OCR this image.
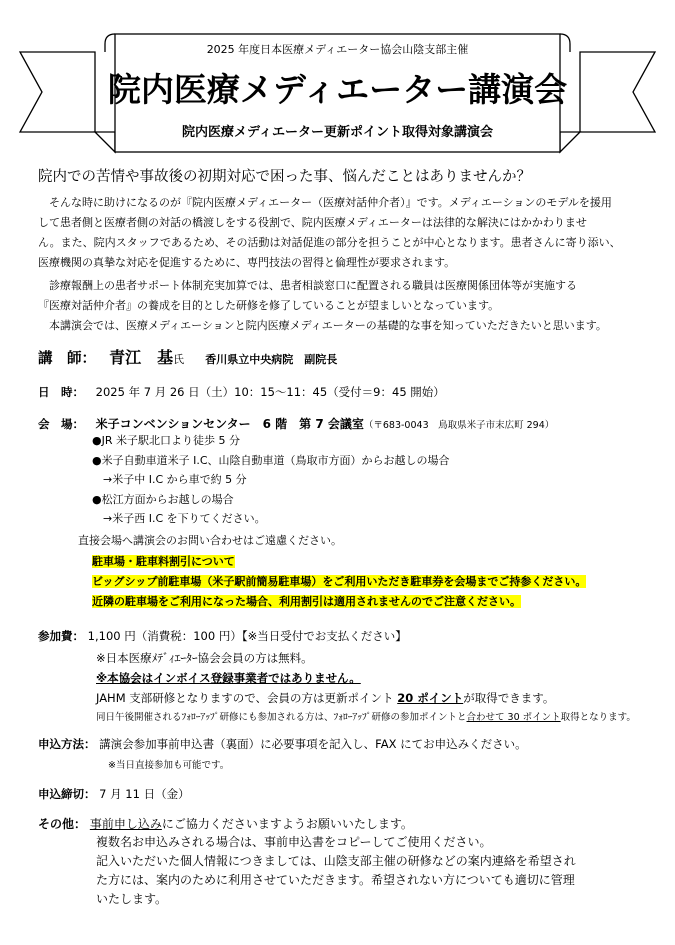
2025 年度日本医療メディエーター協会山陰支部主催
院内医療メディエーター講演会
院内医療メディエーター更新ポイント取得対象講演会
院内での苦情や事故後の初期対応で困った事、悩んだことはありませんか？
　そんな時に助けになるのが『院内医療メディエーター（医療対話仲介者）』です。メディエーションのモデルを援用
して患者側と医療者側の対話の橋渡しをする役割で、院内医療メディエーターは法律的な解決にはかかわりませ
ん。また、院内スタッフであるため、その活動は対話促進の部分を担うことが中心となります。患者さんに寄り添い、
医療機関の真摯な対応を促進するために、専門技法の習得と倫理性が要求されます。
　診療報酬上の患者サポート体制充実加算では、患者相談窓口に配置される職員は医療関係団体等が実施する
『医療対話仲介者』の養成を目的とした研修を修了していることが望ましいとなっています。
　本講演会では、医療メディエーションと院内医療メディエーターの基礎的な事を知っていただきたいと思います。
講　師： 青江　基氏 香川県立中央病院　副院長
日　時： 2025 年 7 月 26 日（土）10：15〜11：45（受付＝9：45 開始）
会　場： 米子コンベンションセンター　6 階　第 7 会議室（〒683-0043　鳥取県米子市末広町 294）
●JR 米子駅北口より徒歩 5 分
●米子自動車道米子 I.C、山陰自動車道（鳥取市方面）からお越しの場合
　→米子中 I.C から車で約 5 分
●松江方面からお越しの場合
　→米子西 I.C を下りてください。
直接会場へ講演会のお問い合わせはご遠慮ください。
駐車場・駐車料割引について
ビッグシップ前駐車場（米子駅前簡易駐車場）をご利用いただき駐車券を会場までご持参ください。
近隣の駐車場をご利用になった場合、利用割引は適用されませんのでご注意ください。
参加費： 1,100 円（消費税：100 円）【※当日受付でお支払ください】
※日本医療ﾒﾃﾞｨｴｰﾀｰ協会会員の方は無料。
※本協会はインボイス登録事業者ではありません。
JAHM 支部研修となりますので、会員の方は更新ポイント 20 ポイントが取得できます。
同日午後開催されるﾌｫﾛｰｱｯﾌﾟ研修にも参加される方は、ﾌｫﾛｰｱｯﾌﾟ研修の参加ポイントと合わせて 30 ポイント取得となります。
申込方法： 講演会参加事前申込書（裏面）に必要事項を記入し、FAX にてお申込みください。
※当日直接参加も可能です。
申込締切： 7 月 11 日（金）
その他： 事前申し込みにご協力くださいますようお願いいたします。
複数名お申込みされる場合は、事前申込書をコピーしてご使用ください。
記入いただいた個人情報につきましては、山陰支部主催の研修などの案内連絡を希望され
た方には、案内のために利用させていただきます。希望されない方についても適切に管理
いたします。
